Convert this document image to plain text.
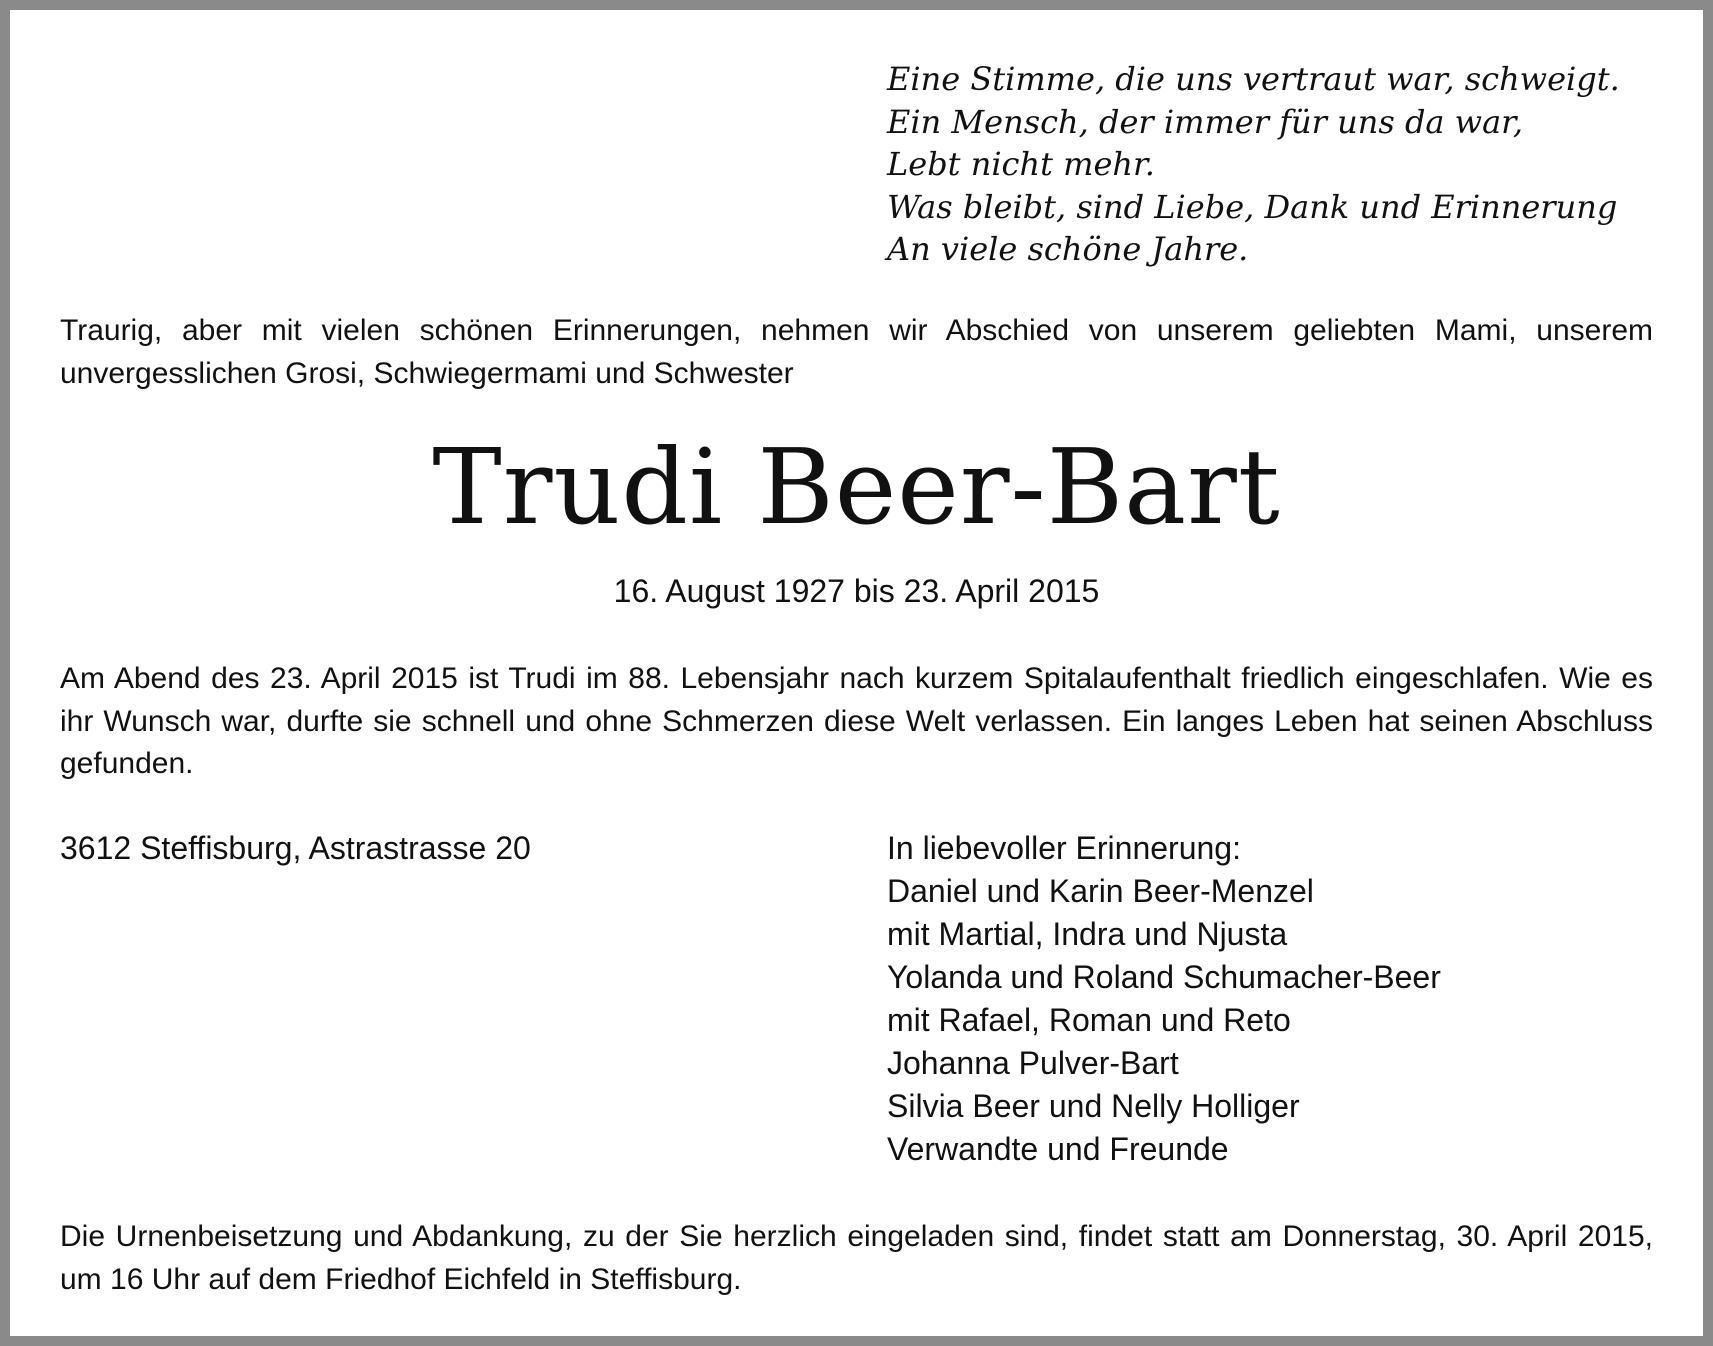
Eine Stimme, die uns vertraut war, schweigt.
Ein Mensch, der immer für uns da war,
Lebt nicht mehr.
Was bleibt, sind Liebe, Dank und Erinnerung
An viele schöne Jahre.
Traurig, aber mit vielen schönen Erinnerungen, nehmen wir Abschied von unserem geliebten Mami, unserem unvergesslichen Grosi, Schwiegermami und Schwester
Trudi Beer-Bart
16. August 1927 bis 23. April 2015
Am Abend des 23. April 2015 ist Trudi im 88. Lebensjahr nach kurzem Spitalaufenthalt friedlich eingeschlafen. Wie es ihr Wunsch war, durfte sie schnell und ohne Schmerzen diese Welt verlassen. Ein langes Leben hat seinen Abschluss gefunden.
3612 Steffisburg, Astrastrasse 20	In liebevoller Erinnerung:
Daniel und Karin Beer-Menzel
mit Martial, Indra und Njusta
Yolanda und Roland Schumacher-Beer
mit Rafael, Roman und Reto
Johanna Pulver-Bart
Silvia Beer und Nelly Holliger
Verwandte und Freunde
Die Urnenbeisetzung und Abdankung, zu der Sie herzlich eingeladen sind, findet statt am Donnerstag, 30. April 2015, um 16 Uhr auf dem Friedhof Eichfeld in Steffisburg.
